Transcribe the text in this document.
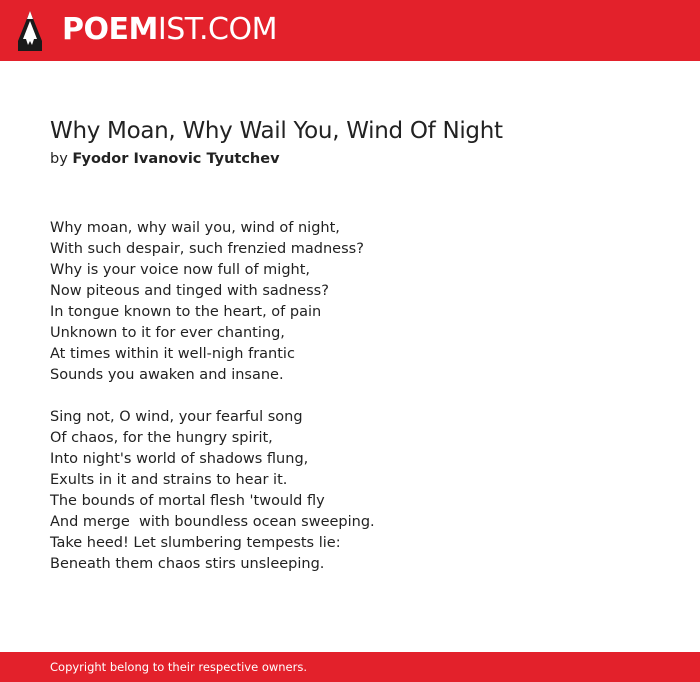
POEMIST.COM
Why Moan, Why Wail You, Wind Of Night
by Fyodor Ivanovic Tyutchev
Why moan, why wail you, wind of night,
With such despair, such frenzied madness?
Why is your voice now full of might,
Now piteous and tinged with sadness?
In tongue known to the heart, of pain
Unknown to it for ever chanting,
At times within it well-nigh frantic
Sounds you awaken and insane.
Sing not, O wind, your fearful song
Of chaos, for the hungry spirit,
Into night's world of shadows flung,
Exults in it and strains to hear it.
The bounds of mortal flesh 'twould fly
And merge  with boundless ocean sweeping.
Take heed! Let slumbering tempests lie:
Beneath them chaos stirs unsleeping.
Copyright belong to their respective owners.
